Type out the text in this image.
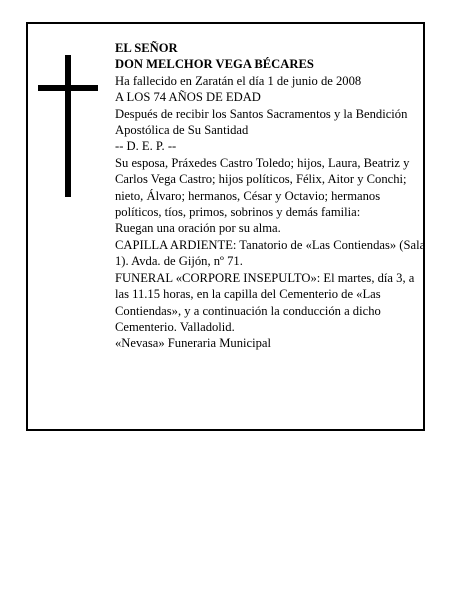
EL SEÑOR

DON MELCHOR VEGA BÉCARES

Ha fallecido en Zaratán el día 1 de junio de 2008

A LOS 74 AÑOS DE EDAD

Después de recibir los Santos Sacramentos y la Bendición Apostólica de Su Santidad

-- D. E. P. --

Su esposa, Práxedes Castro Toledo; hijos, Laura, Beatriz y Carlos Vega Castro; hijos políticos, Félix, Aitor y Conchi; nieto, Álvaro; hermanos, César y Octavio; hermanos políticos, tíos, primos, sobrinos y demás familia:

Ruegan una oración por su alma.

CAPILLA ARDIENTE: Tanatorio de «Las Contiendas» (Sala 1). Avda. de Gijón, nº 71.

FUNERAL «CORPORE INSEPULTO»: El martes, día 3, a las 11.15 horas, en la capilla del Cementerio de «Las Contiendas», y a continuación la conducción a dicho Cementerio. Valladolid.

«Nevasa» Funeraria Municipal
